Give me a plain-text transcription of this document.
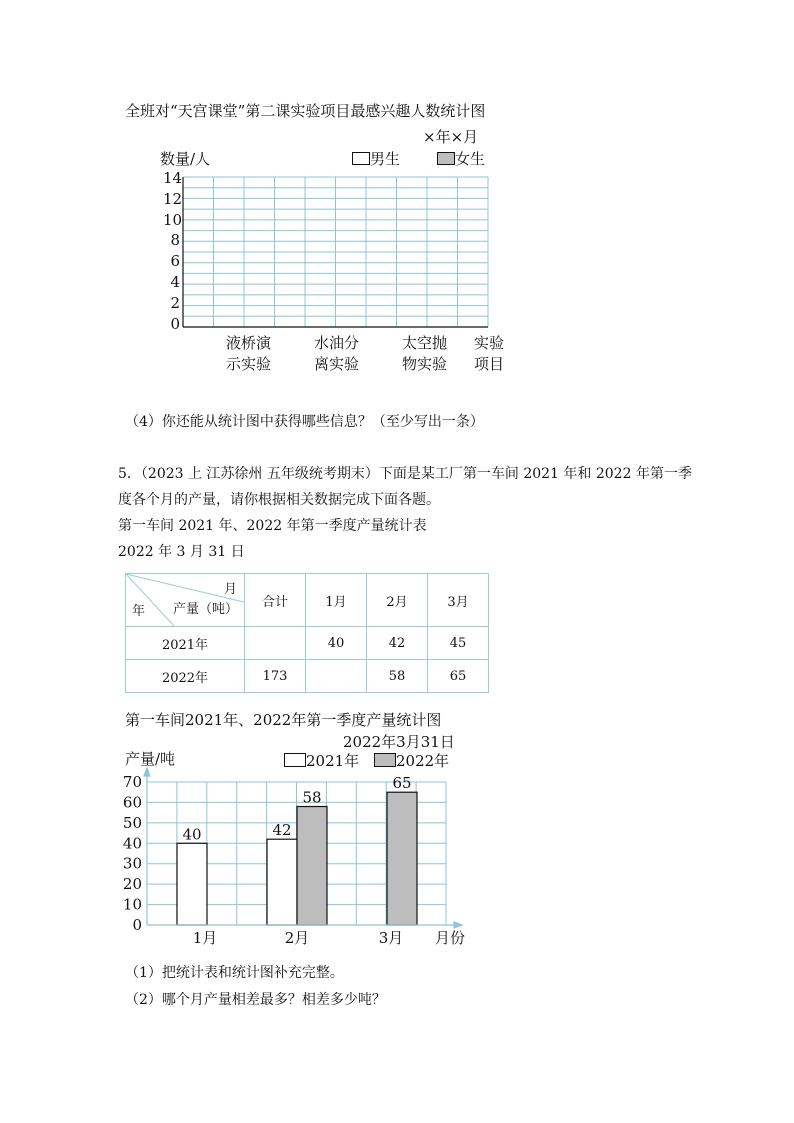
全班对“天宫课堂”第二课实验项目最感兴趣人数统计图
×年×月
数量/人	男生	女生
14
12
10
8
6
4
2
0
液桥演
示实验
水油分
离实验
太空抛
物实验
实验
项目
（4）你还能从统计图中获得哪些信息？（至少写出一条）
5．（2023 上 江苏徐州 五年级统考期末）下面是某工厂第一车间 2021 年和 2022 年第一季
度各个月的产量，请你根据相关数据完成下面各题。
第一车间 2021 年、2022 年第一季度产量统计表
2022 年 3 月 31 日
月
产量（吨）
年	合计	1月	2月	3月
2021年		40	42	45
2022年	173		58	65
第一车间2021年、2022年第一季度产量统计图
2022年3月31日
产量/吨	2021年	2022年
0
10
20
30
40
50
60
70
40	42
58
65
1月	2月	3月 月份
（1）把统计表和统计图补充完整。
（2）哪个月产量相差最多？相差多少吨？
